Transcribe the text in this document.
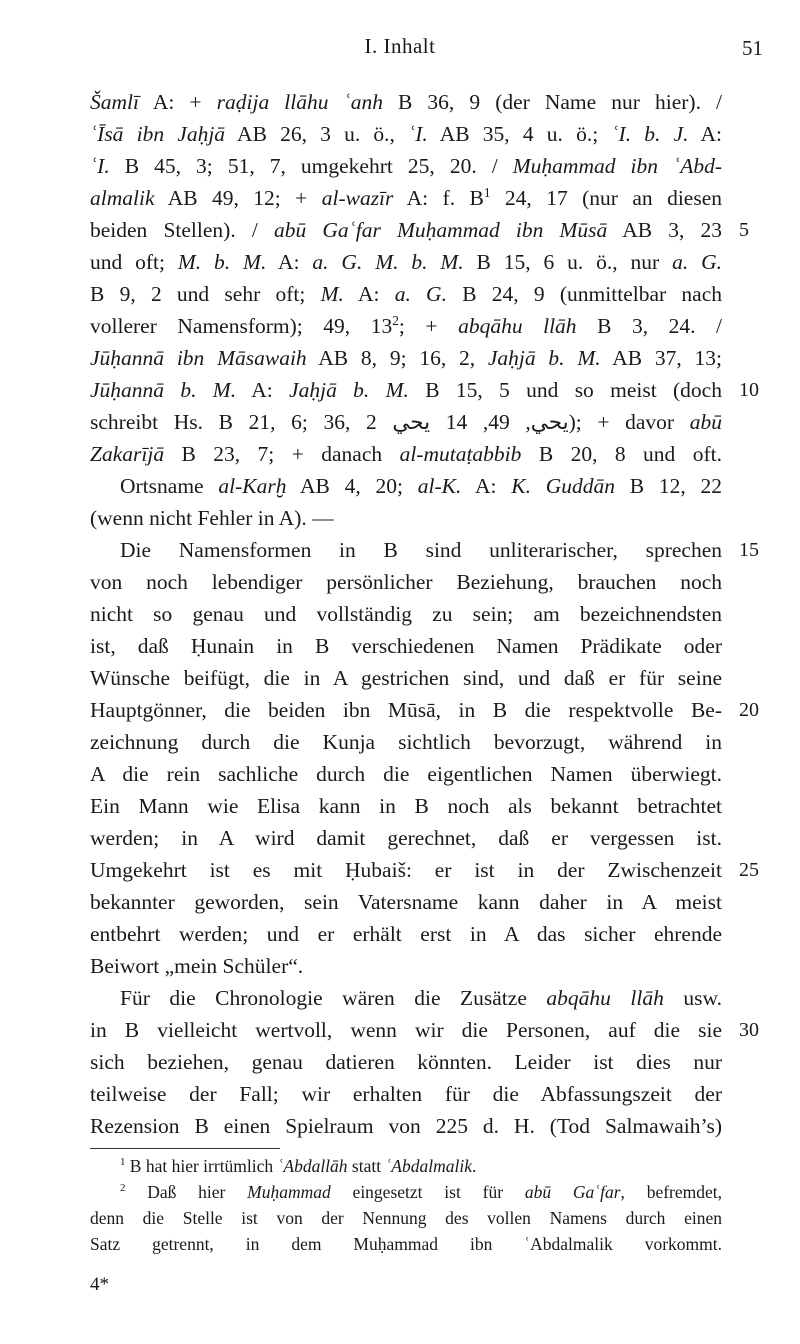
I. Inhalt	51
Šamlī A: + raḍija llāhu ʿanh B 36, 9 (der Name nur hier). /
ʿĪsā ibn Jaḥjā AB 26, 3 u. ö., ʿI. AB 35, 4 u. ö.; ʿI. b. J. A:
ʿI. B 45, 3; 51, 7, umgekehrt 25, 20. / Muḥammad ibn ʿAbd-
almalik AB 49, 12; + al-wazīr A: f. $B^1$ 24, 17 (nur an diesen
beiden Stellen). / abū Gaʿfar Muḥammad ibn Mūsā AB 3, 23
und oft; M. b. M. A: a. G. M. b. M. B 15, 6 u. ö., nur a. G.
B 9, 2 und sehr oft; M. A: a. G. B 24, 9 (unmittelbar nach
vollerer Namensform); 49, $13^2$; + abqāhu llāh B 3, 24. /
Jūḥannā ibn Māsawaih AB 8, 9; 16, 2, Jaḥjā b. M. AB 37, 13;
Jūḥannā b. M. A: Jaḥjā b. M. B 15, 5 und so meist (doch
schreibt Hs. B 21, 6; 36, 2 يحي, 49, 14 يحي); + davor abū
Zakarījā B 23, 7; + danach al-mutaṭabbib B 20, 8 und oft.
Ortsname al-Karḫ AB 4, 20; al-K. A: K. Guddān B 12, 22
(wenn nicht Fehler in A). —
Die Namensformen in B sind unliterarischer, sprechen
von noch lebendiger persönlicher Beziehung, brauchen noch
nicht so genau und vollständig zu sein; am bezeichnendsten
ist, daß Ḥunain in B verschiedenen Namen Prädikate oder
Wünsche beifügt, die in A gestrichen sind, und daß er für seine
Hauptgönner, die beiden ibn Mūsā, in B die respektvolle Be-
zeichnung durch die Kunja sichtlich bevorzugt, während in
A die rein sachliche durch die eigentlichen Namen überwiegt.
Ein Mann wie Elisa kann in B noch als bekannt betrachtet
werden; in A wird damit gerechnet, daß er vergessen ist.
Umgekehrt ist es mit Ḥubaiš: er ist in der Zwischenzeit
bekannter geworden, sein Vatersname kann daher in A meist
entbehrt werden; und er erhält erst in A das sicher ehrende
Beiwort „mein Schüler“.
Für die Chronologie wären die Zusätze abqāhu llāh usw.
in B vielleicht wertvoll, wenn wir die Personen, auf die sie
sich beziehen, genau datieren könnten. Leider ist dies nur
teilweise der Fall; wir erhalten für die Abfassungszeit der
Rezension B einen Spielraum von 225 d. H. (Tod Salmawaih’s)
5
10
15
20
25
30
$^1$ B hat hier irrtümlich ʿAbdallāh statt ʿAbdalmalik.
$^2$ Daß hier Muḥammad eingesetzt ist für abū Gaʿfar, befremdet,
denn die Stelle ist von der Nennung des vollen Namens durch einen
Satz getrennt, in dem Muḥammad ibn ʿAbdalmalik vorkommt.
4*
